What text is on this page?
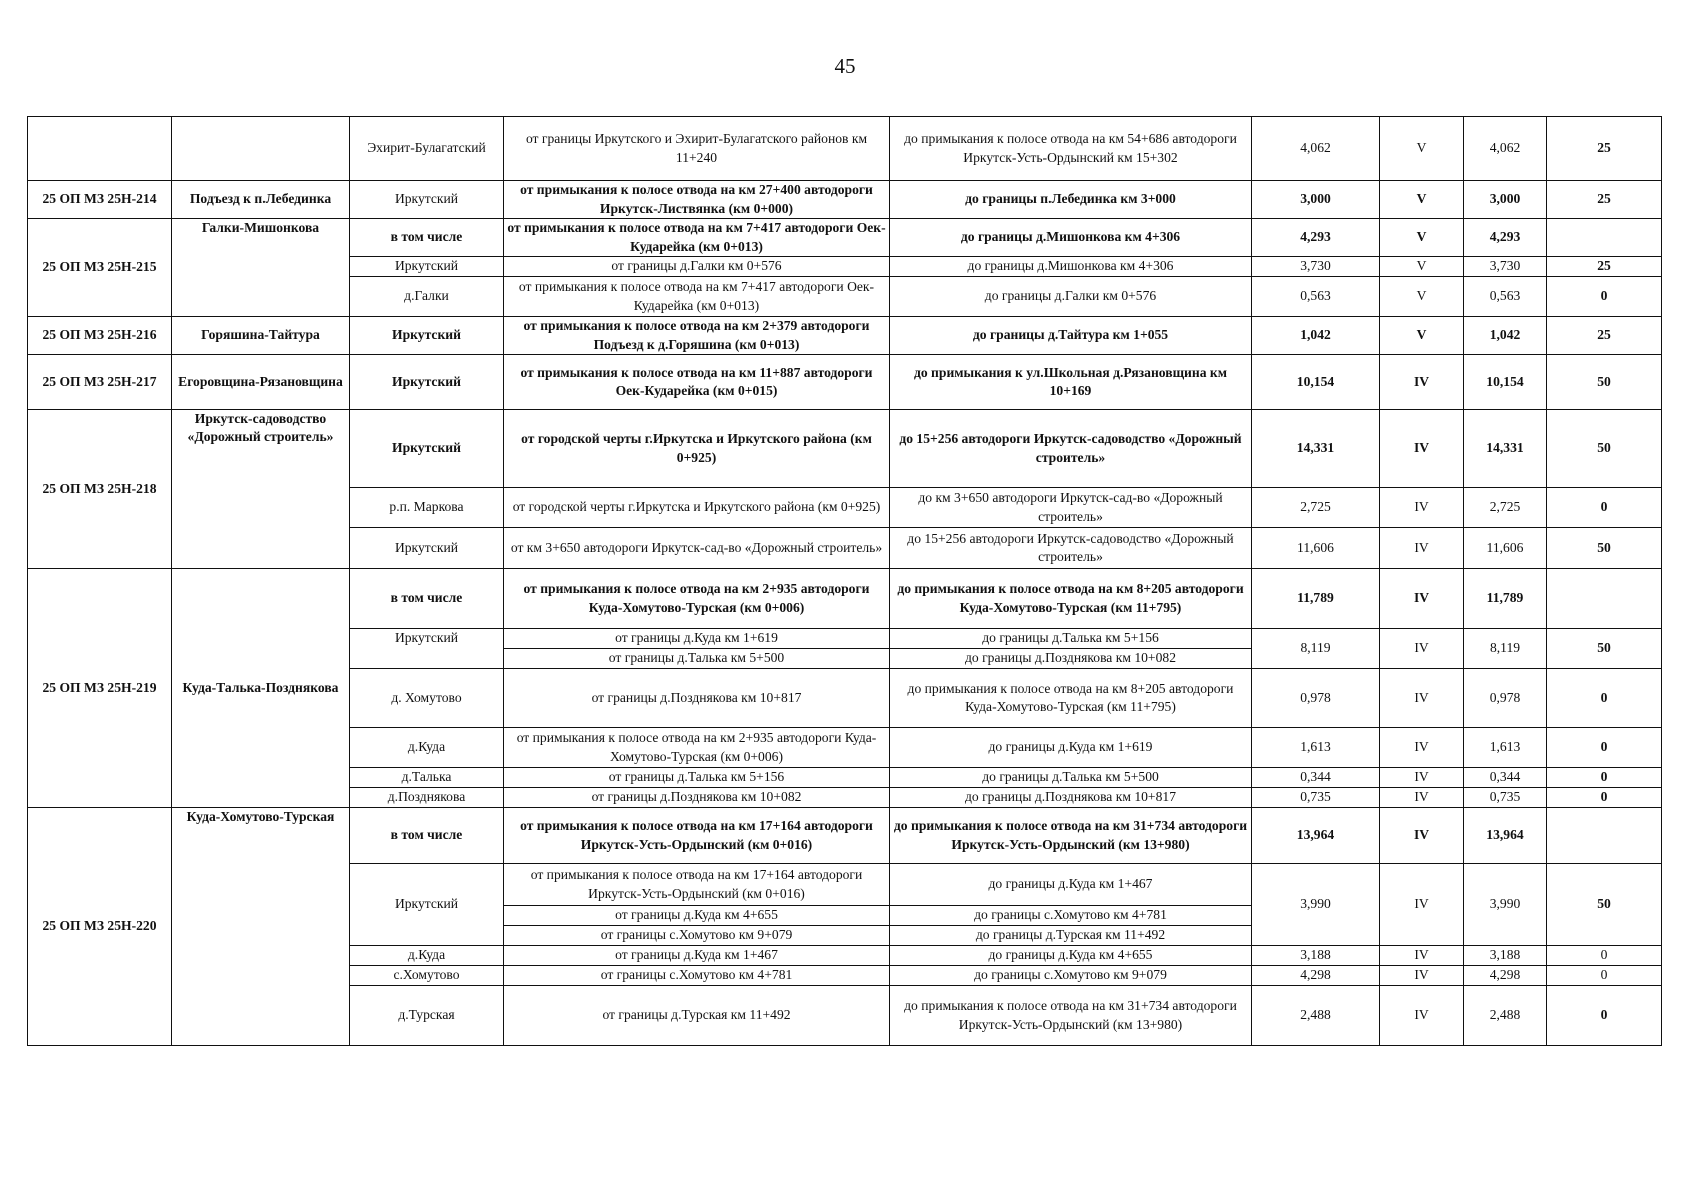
45
		Эхирит-Булагатский	от границы Иркутского и Эхирит-Булагатского районов км 11+240	до примыкания к полосе отвода на км 54+686 автодороги Иркутск-Усть-Ордынский км 15+302	4,062	V	4,062	25
25 ОП МЗ 25Н-214	Подъезд к п.Лебединка	Иркутский	от примыкания к полосе отвода на км 27+400 автодороги Иркутск-Листвянка (км 0+000)	до границы п.Лебединка км 3+000	3,000	V	3,000	25
25 ОП МЗ 25Н-215	Галки-Мишонкова	в том числе	от примыкания к полосе отвода на км 7+417 автодороги Оек-Кударейка (км 0+013)	до границы д.Мишонкова км 4+306	4,293	V	4,293	
		Иркутский	от границы д.Галки км 0+576	до границы д.Мишонкова км 4+306	3,730	V	3,730	25
		д.Галки	от примыкания к полосе отвода на км 7+417 автодороги Оек-Кударейка (км 0+013)	до границы д.Галки км 0+576	0,563	V	0,563	0
25 ОП МЗ 25Н-216	Горяшина-Тайтура	Иркутский	от примыкания к полосе отвода на км 2+379 автодороги Подъезд к д.Горяшина (км 0+013)	до границы д.Тайтура км 1+055	1,042	V	1,042	25
25 ОП МЗ 25Н-217	Егоровщина-Рязановщина	Иркутский	от примыкания к полосе отвода на км 11+887 автодороги Оек-Кударейка (км 0+015)	до примыкания к ул.Школьная д.Рязановщина км 10+169	10,154	IV	10,154	50
25 ОП МЗ 25Н-218	Иркутск-садоводство «Дорожный строитель»	Иркутский	от городской черты г.Иркутска и Иркутского района (км 0+925)	до 15+256 автодороги Иркутск-садоводство «Дорожный строитель»	14,331	IV	14,331	50
		р.п. Маркова	от городской черты г.Иркутска и Иркутского района (км 0+925)	до км 3+650 автодороги Иркутск-сад-во «Дорожный строитель»	2,725	IV	2,725	0
		Иркутский	от км 3+650 автодороги Иркутск-сад-во «Дорожный строитель»	до 15+256 автодороги Иркутск-садоводство «Дорожный строитель»	11,606	IV	11,606	50
25 ОП МЗ 25Н-219	Куда-Талька-Позднякова	в том числе	от примыкания к полосе отвода на км 2+935 автодороги Куда-Хомутово-Турская (км 0+006)	до примыкания к полосе отвода на км 8+205 автодороги Куда-Хомутово-Турская (км 11+795)	11,789	IV	11,789	
		Иркутский	от границы д.Куда км 1+619	до границы д.Талька км 5+156	8,119	IV	8,119	50
			от границы д.Талька км 5+500	до границы д.Позднякова км 10+082				
		д. Хомутово	от границы д.Позднякова км 10+817	до примыкания к полосе отвода на км 8+205 автодороги Куда-Хомутово-Турская (км 11+795)	0,978	IV	0,978	0
		д.Куда	от примыкания к полосе отвода на км 2+935 автодороги Куда-Хомутово-Турская (км 0+006)	до границы д.Куда км 1+619	1,613	IV	1,613	0
		д.Талька	от границы д.Талька км 5+156	до границы д.Талька км 5+500	0,344	IV	0,344	0
		д.Позднякова	от границы д.Позднякова км 10+082	до границы д.Позднякова км 10+817	0,735	IV	0,735	0
25 ОП МЗ 25Н-220	Куда-Хомутово-Турская	в том числе	от примыкания к полосе отвода на км 17+164 автодороги Иркутск-Усть-Ордынский (км 0+016)	до примыкания к полосе отвода на км 31+734 автодороги Иркутск-Усть-Ордынский (км 13+980)	13,964	IV	13,964	
		Иркутский	от примыкания к полосе отвода на км 17+164 автодороги Иркутск-Усть-Ордынский (км 0+016)	до границы д.Куда км 1+467	3,990	IV	3,990	50
			от границы д.Куда км 4+655	до границы с.Хомутово км 4+781				
			от границы с.Хомутово км 9+079	до границы д.Турская км 11+492				
		д.Куда	от границы д.Куда км 1+467	до границы д.Куда км 4+655	3,188	IV	3,188	0
		с.Хомутово	от границы с.Хомутово км 4+781	до границы с.Хомутово км 9+079	4,298	IV	4,298	0
		д.Турская	от границы д.Турская км 11+492	до примыкания к полосе отвода на км 31+734 автодороги Иркутск-Усть-Ордынский (км 13+980)	2,488	IV	2,488	0
